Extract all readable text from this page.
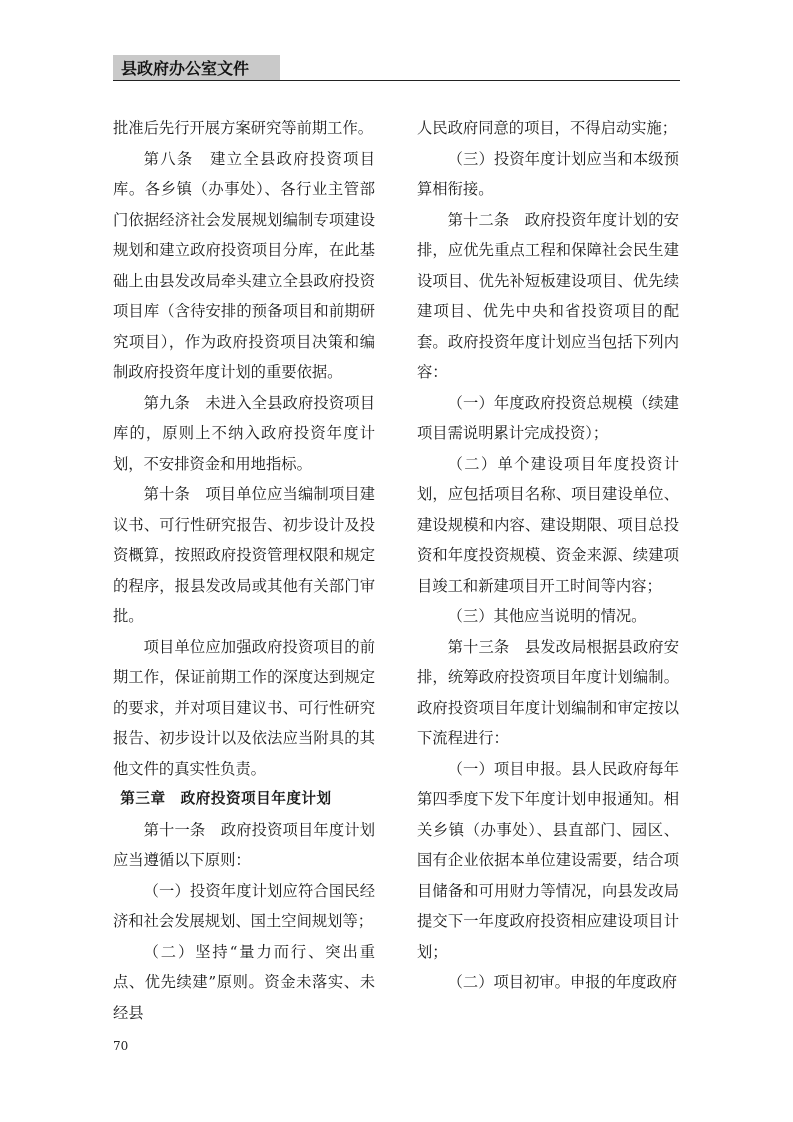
县政府办公室文件

批准后先行开展方案研究等前期工作。

第八条　建立全县政府投资项目库。各乡镇（办事处）、各行业主管部门依据经济社会发展规划编制专项建设规划和建立政府投资项目分库，在此基础上由县发改局牵头建立全县政府投资项目库（含待安排的预备项目和前期研究项目），作为政府投资项目决策和编制政府投资年度计划的重要依据。

第九条　未进入全县政府投资项目库的，原则上不纳入政府投资年度计划，不安排资金和用地指标。

第十条　项目单位应当编制项目建议书、可行性研究报告、初步设计及投资概算，按照政府投资管理权限和规定的程序，报县发改局或其他有关部门审批。

项目单位应加强政府投资项目的前期工作，保证前期工作的深度达到规定的要求，并对项目建议书、可行性研究报告、初步设计以及依法应当附具的其他文件的真实性负责。

第三章　政府投资项目年度计划

第十一条　政府投资项目年度计划应当遵循以下原则：

（一）投资年度计划应符合国民经济和社会发展规划、国土空间规划等；

（二）坚持“量力而行、突出重点、优先续建”原则。资金未落实、未经县

人民政府同意的项目，不得启动实施；

（三）投资年度计划应当和本级预算相衔接。

第十二条　政府投资年度计划的安排，应优先重点工程和保障社会民生建设项目、优先补短板建设项目、优先续建项目、优先中央和省投资项目的配套。政府投资年度计划应当包括下列内容：

（一）年度政府投资总规模（续建项目需说明累计完成投资）；

（二）单个建设项目年度投资计划，应包括项目名称、项目建设单位、建设规模和内容、建设期限、项目总投资和年度投资规模、资金来源、续建项目竣工和新建项目开工时间等内容；

（三）其他应当说明的情况。

第十三条　县发改局根据县政府安排，统筹政府投资项目年度计划编制。政府投资项目年度计划编制和审定按以下流程进行：

（一）项目申报。县人民政府每年第四季度下发下年度计划申报通知。相关乡镇（办事处）、县直部门、园区、国有企业依据本单位建设需要，结合项目储备和可用财力等情况，向县发改局提交下一年度政府投资相应建设项目计划；

（二）项目初审。申报的年度政府

70
